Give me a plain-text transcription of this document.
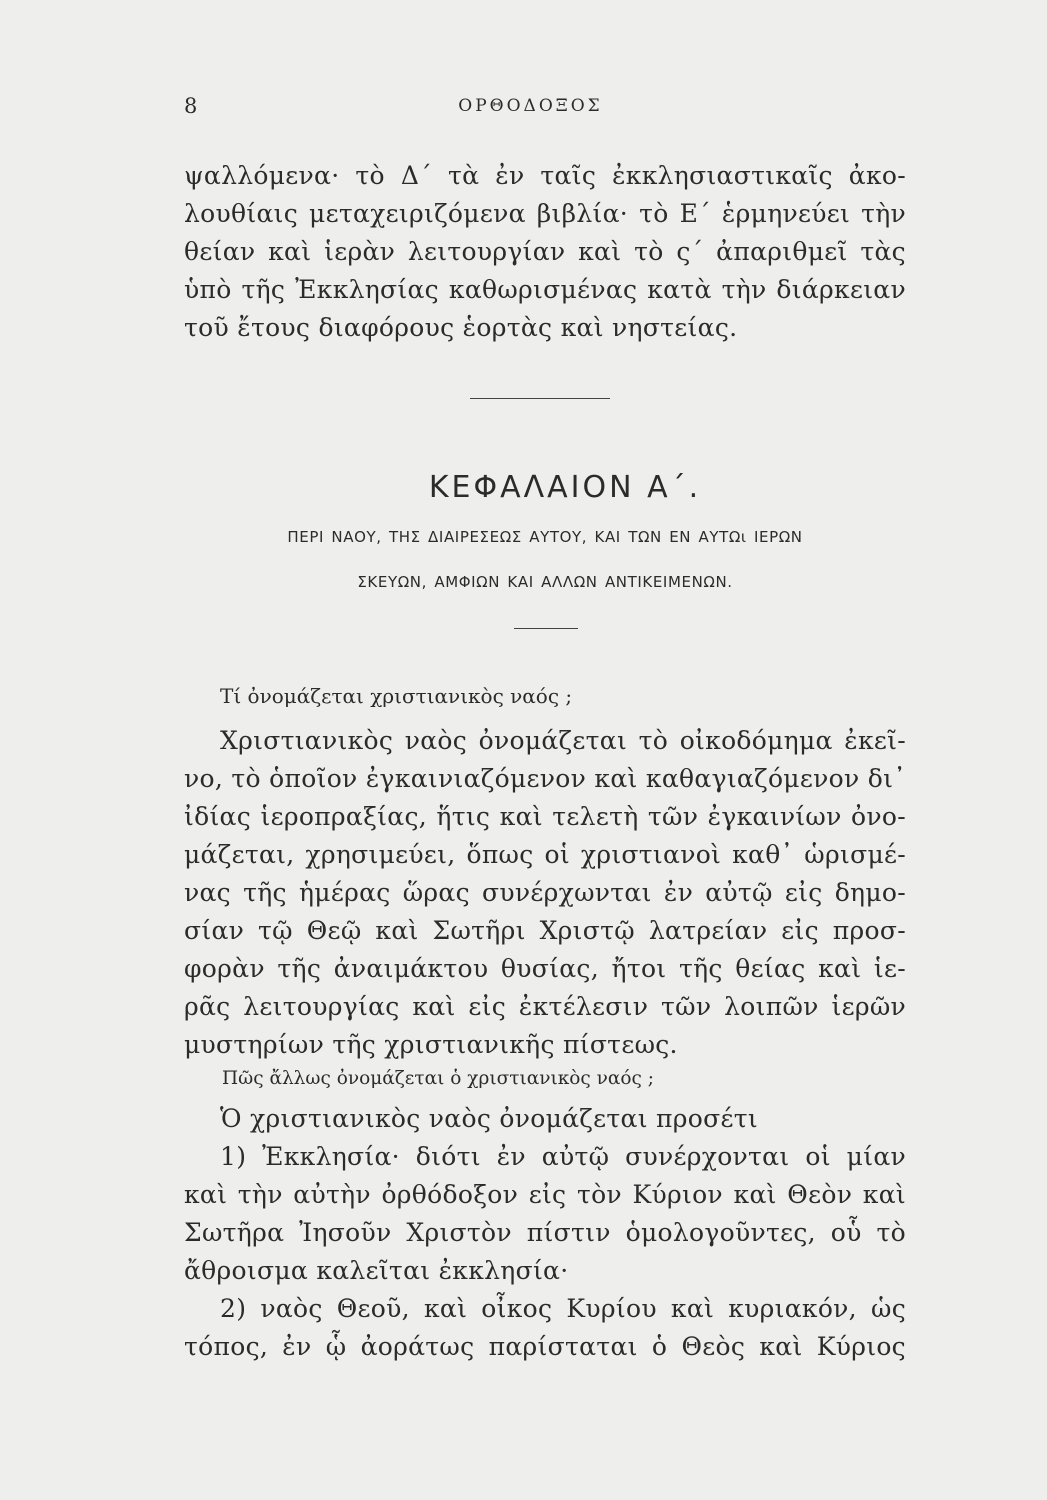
8	ΟΡΘΟΔΟΞΟΣ

ψαλλόμενα· τὸ Δ´ τὰ ἐν ταῖς ἐκκλησιαστικαῖς ἀκο-
λουθίαις μεταχειριζόμενα βιβλία· τὸ Ε´ ἑρμηνεύει τὴν
θείαν καὶ ἱερὰν λειτουργίαν καὶ τὸ ς´ ἀπαριθμεῖ τὰς
ὑπὸ τῆς Ἐκκλησίας καθωρισμένας κατὰ τὴν διάρκειαν
τοῦ ἔτους διαφόρους ἑορτὰς καὶ νηστείας.

ΚΕΦΑΛΑΙΟΝ Α΄.
ΠΕΡΙ ΝΑΟΥ, ΤΗΣ ΔΙΑΙΡΕΣΕΩΣ ΑΥΤΟΥ, ΚΑΙ ΤΩΝ ΕΝ ΑΥΤΩι ΙΕΡΩΝ
ΣΚΕΥΩΝ, ΑΜΦΙΩΝ ΚΑΙ ΑΛΛΩΝ ΑΝΤΙΚΕΙΜΕΝΩΝ.
Τί ὀνομάζεται χριστιανικὸς ναός ;

Χριστιανικὸς ναὸς ὀνομάζεται τὸ οἰκοδόμημα ἐκεῖ-
νο, τὸ ὁποῖον ἐγκαινιαζόμενον καὶ καθαγιαζόμενον δι᾽
ἰδίας ἱεροπραξίας, ἥτις καὶ τελετὴ τῶν ἐγκαινίων ὀνο-
μάζεται, χρησιμεύει, ὅπως οἱ χριστιανοὶ καθ᾽ ὡρισμέ-
νας τῆς ἡμέρας ὥρας συνέρχωνται ἐν αὐτῷ εἰς δημο-
σίαν τῷ Θεῷ καὶ Σωτῆρι Χριστῷ λατρείαν εἰς προσ-
φορὰν τῆς ἀναιμάκτου θυσίας, ἤτοι τῆς θείας καὶ ἱε-
ρᾶς λειτουργίας καὶ εἰς ἐκτέλεσιν τῶν λοιπῶν ἱερῶν
μυστηρίων τῆς χριστιανικῆς πίστεως.

Πῶς ἄλλως ὀνομάζεται ὁ χριστιανικὸς ναός ;

Ὁ χριστιανικὸς ναὸς ὀνομάζεται προσέτι
1) Ἐκκλησία· διότι ἐν αὐτῷ συνέρχονται οἱ μίαν
καὶ τὴν αὐτὴν ὀρθόδοξον εἰς τὸν Κύριον καὶ Θεὸν καὶ
Σωτῆρα Ἰησοῦν Χριστὸν πίστιν ὁμολογοῦντες, οὗ τὸ
ἄθροισμα καλεῖται ἐκκλησία·
2) ναὸς Θεοῦ, καὶ οἶκος Κυρίου καὶ κυριακόν, ὡς
τόπος, ἐν ᾧ ἀοράτως παρίσταται ὁ Θεὸς καὶ Κύριος
